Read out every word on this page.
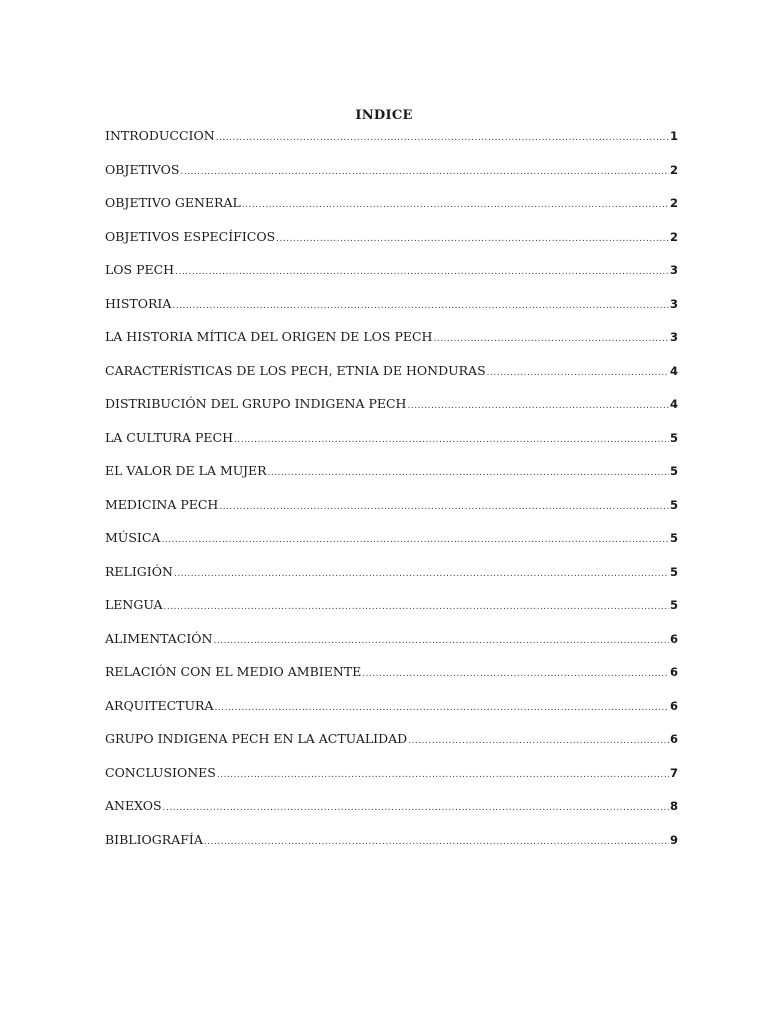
INDICE
INTRODUCCION .....	1
OBJETIVOS .....	2
OBJETIVO GENERAL .....	2
OBJETIVOS ESPECÍFICOS .....	2
LOS PECH .....	3
HISTORIA .....	3
LA HISTORIA MÍTICA DEL ORIGEN DE LOS PECH .....	3
CARACTERÍSTICAS DE LOS PECH, ETNIA DE HONDURAS .....	4
DISTRIBUCIÓN DEL GRUPO INDIGENA PECH .....	4
LA CULTURA PECH .....	5
EL VALOR DE LA MUJER .....	5
MEDICINA PECH .....	5
MÚSICA .....	5
RELIGIÓN .....	5
LENGUA .....	5
ALIMENTACIÓN .....	6
RELACIÓN CON EL MEDIO AMBIENTE .....	6
ARQUITECTURA .....	6
GRUPO INDIGENA PECH EN LA ACTUALIDAD .....	6
CONCLUSIONES .....	7
ANEXOS .....	8
BIBLIOGRAFÍA .....	9
